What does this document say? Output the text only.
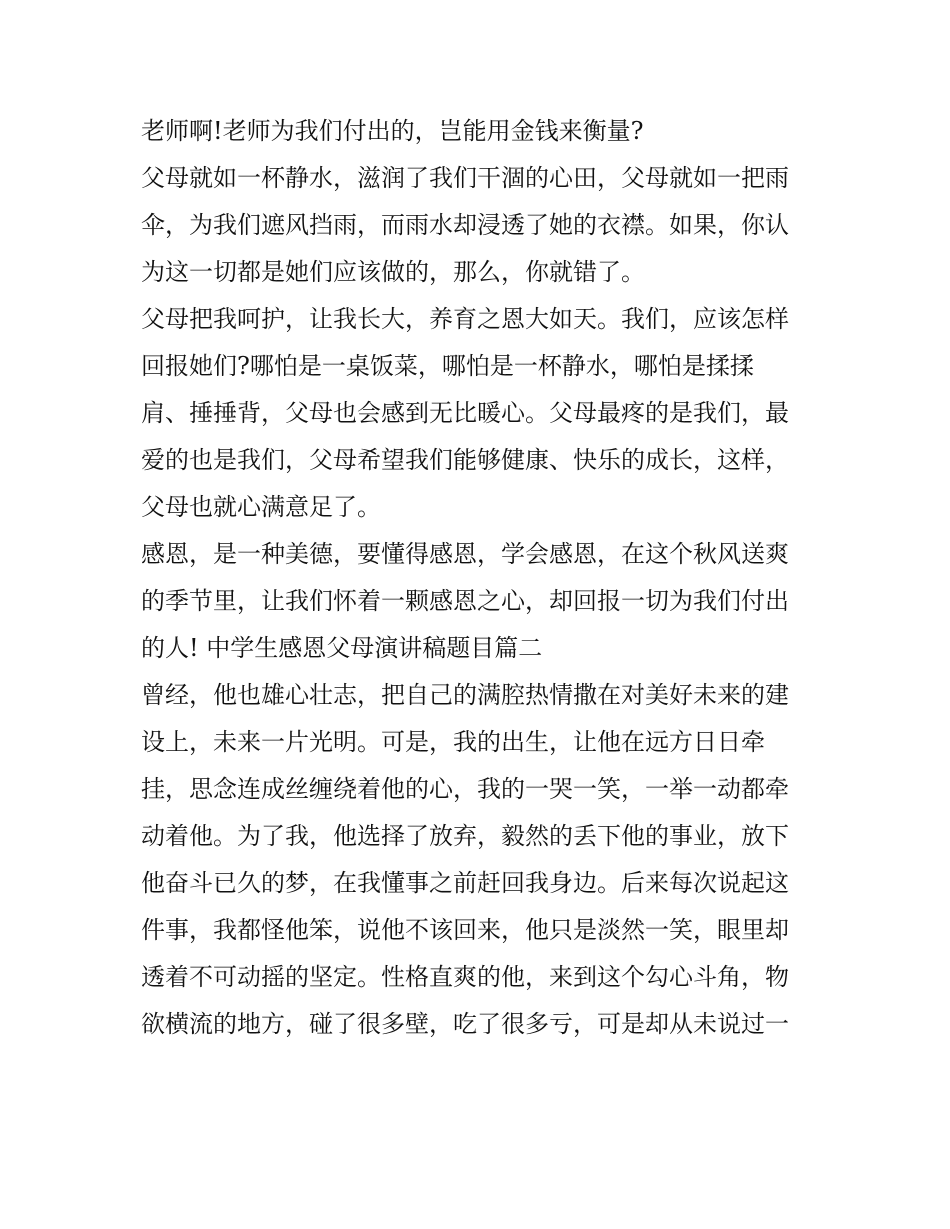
老师啊!老师为我们付出的，岂能用金钱来衡量?
父母就如一杯静水，滋润了我们干涸的心田，父母就如一把雨
伞，为我们遮风挡雨，而雨水却浸透了她的衣襟。如果，你认
为这一切都是她们应该做的，那么，你就错了。
父母把我呵护，让我长大，养育之恩大如天。我们，应该怎样
回报她们?哪怕是一桌饭菜，哪怕是一杯静水，哪怕是揉揉
肩、捶捶背，父母也会感到无比暖心。父母最疼的是我们，最
爱的也是我们，父母希望我们能够健康、快乐的成长，这样，
父母也就心满意足了。
感恩，是一种美德，要懂得感恩，学会感恩，在这个秋风送爽
的季节里，让我们怀着一颗感恩之心，却回报一切为我们付出
的人! 中学生感恩父母演讲稿题目篇二
曾经，他也雄心壮志，把自己的满腔热情撒在对美好未来的建
设上，未来一片光明。可是，我的出生，让他在远方日日牵
挂，思念连成丝缠绕着他的心，我的一哭一笑，一举一动都牵
动着他。为了我，他选择了放弃，毅然的丢下他的事业，放下
他奋斗已久的梦，在我懂事之前赶回我身边。后来每次说起这
件事，我都怪他笨，说他不该回来，他只是淡然一笑，眼里却
透着不可动摇的坚定。性格直爽的他，来到这个勾心斗角，物
欲横流的地方，碰了很多壁，吃了很多亏，可是却从未说过一
